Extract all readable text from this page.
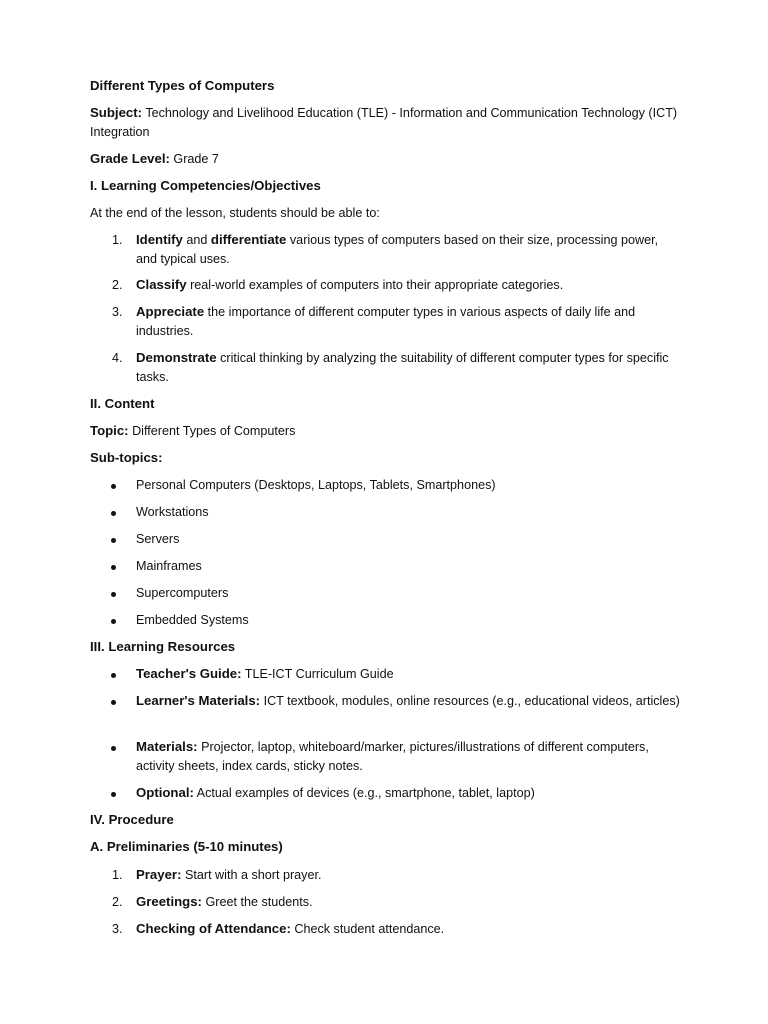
Different Types of Computers

Subject: Technology and Livelihood Education (TLE) - Information and Communication Technology (ICT) Integration

Grade Level: Grade 7

I. Learning Competencies/Objectives

At the end of the lesson, students should be able to:

1. Identify and differentiate various types of computers based on their size, processing power, and typical uses.

2. Classify real-world examples of computers into their appropriate categories.

3. Appreciate the importance of different computer types in various aspects of daily life and industries.

4. Demonstrate critical thinking by analyzing the suitability of different computer types for specific tasks.

II. Content

Topic: Different Types of Computers

Sub-topics:

Personal Computers (Desktops, Laptops, Tablets, Smartphones)

Workstations

Servers

Mainframes

Supercomputers

Embedded Systems

III. Learning Resources

Teacher's Guide: TLE-ICT Curriculum Guide

Learner's Materials: ICT textbook, modules, online resources (e.g., educational videos, articles)

Materials: Projector, laptop, whiteboard/marker, pictures/illustrations of different computers, activity sheets, index cards, sticky notes.

Optional: Actual examples of devices (e.g., smartphone, tablet, laptop)

IV. Procedure

A. Preliminaries (5-10 minutes)

1. Prayer: Start with a short prayer.

2. Greetings: Greet the students.

3. Checking of Attendance: Check student attendance.
